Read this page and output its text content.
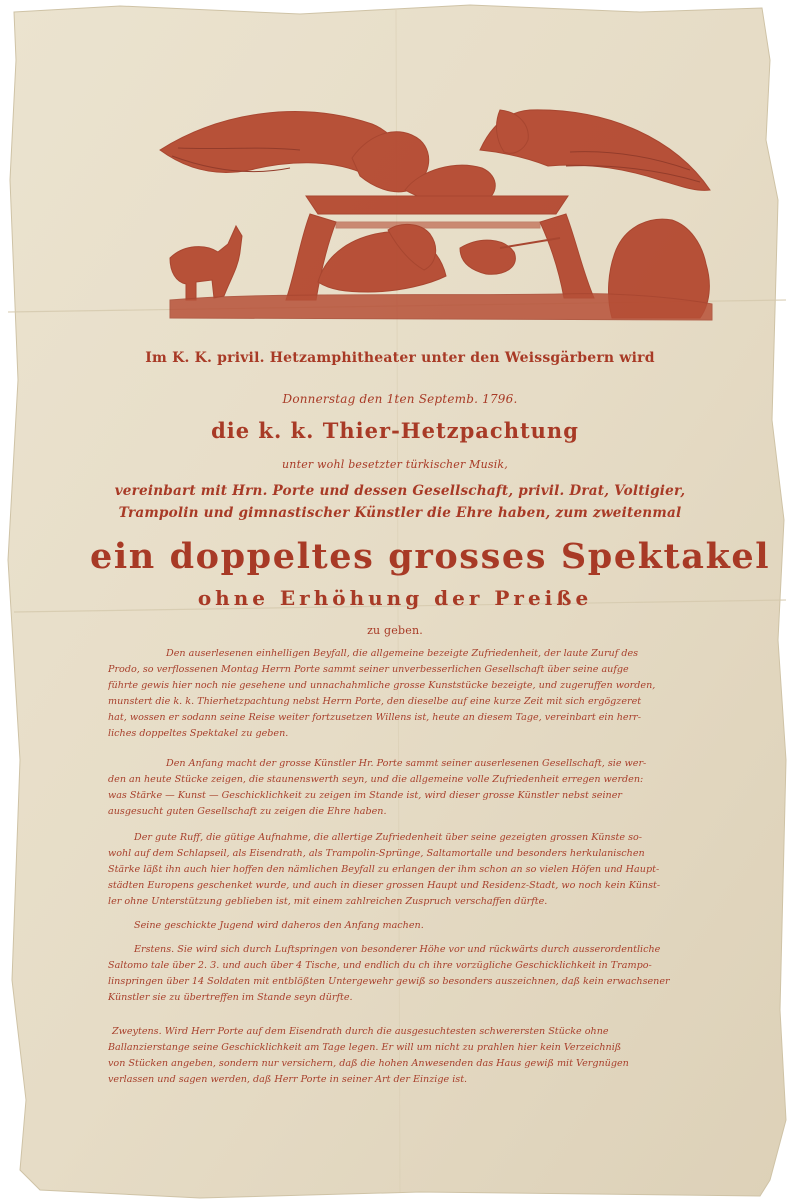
Im K. K. privil. Hetzamphitheater unter den Weissgärbern wird
Donnerstag den 1ten Septemb. 1796.
die k. k. Thier-Hetzpachtung
unter wohl besetzter türkischer Musik,
vereinbart mit Hrn. Porte und dessen Gesellschaft, privil. Drat, Voltigier,
Trampolin und gimnastischer Künstler die Ehre haben, zum zweitenmal
ein doppeltes grosses Spektakel
ohne Erhöhung der Preiße
zu geben.
Den auserlesenen einhelligen Beyfall, die allgemeine bezeigte Zufriedenheit, der laute Zuruf des
Prodo, so verflossenen Montag Herrn Porte sammt seiner unverbesserlichen Gesellschaft über seine aufge
führte gewis hier noch nie gesehene und unnachahmliche grosse Kunststücke bezeigte, und zugeruffen worden,
munstert die k. k. Thierhetzpachtung nebst Herrn Porte, den dieselbe auf eine kurze Zeit mit sich ergögzeret
hat, wossen er sodann seine Reise weiter fortzusetzen Willens ist, heute an diesem Tage, vereinbart ein herr-
liches doppeltes Spektakel zu geben.
Den Anfang macht der grosse Künstler Hr. Porte sammt seiner auserlesenen Gesellschaft, sie wer-
den an heute Stücke zeigen, die staunenswerth seyn, und die allgemeine volle Zufriedenheit erregen werden:
was Stärke — Kunst — Geschicklichkeit zu zeigen im Stande ist, wird dieser grosse Künstler nebst seiner
ausgesucht guten Gesellschaft zu zeigen die Ehre haben.
Der gute Ruff, die gütige Aufnahme, die allertige Zufriedenheit über seine gezeigten grossen Künste so-
wohl auf dem Schlapseil, als Eisendrath, als Trampolin-Sprünge, Saltamortalle und besonders herkulanischen
Stärke läßt ihn auch hier hoffen den nämlichen Beyfall zu erlangen der ihm schon an so vielen Höfen und Haupt-
städten Europens geschenket wurde, und auch in dieser grossen Haupt und Residenz-Stadt, wo noch kein Künst-
ler ohne Unterstützung geblieben ist, mit einem zahlreichen Zuspruch verschaffen dürfte.
Seine geschickte Jugend wird daheros den Anfang machen.
Erstens. Sie wird sich durch Luftspringen von besonderer Höhe vor und rückwärts durch ausserordentliche
Saltomo tale über 2. 3. und auch über 4 Tische, und endlich du ch ihre vorzügliche Geschicklichkeit in Trampo-
linspringen über 14 Soldaten mit entblößten Untergewehr gewiß so besonders auszeichnen, daß kein erwachsener
Künstler sie zu übertreffen im Stande seyn dürfte.
Zweytens. Wird Herr Porte auf dem Eisendrath durch die ausgesuchtesten schwerersten Stücke ohne
Ballanzierstange seine Geschicklichkeit am Tage legen. Er will um nicht zu prahlen hier kein Verzeichniß
von Stücken angeben, sondern nur versichern, daß die hohen Anwesenden das Haus gewiß mit Vergnügen
verlassen und sagen werden, daß Herr Porte in seiner Art der Einzige ist.
